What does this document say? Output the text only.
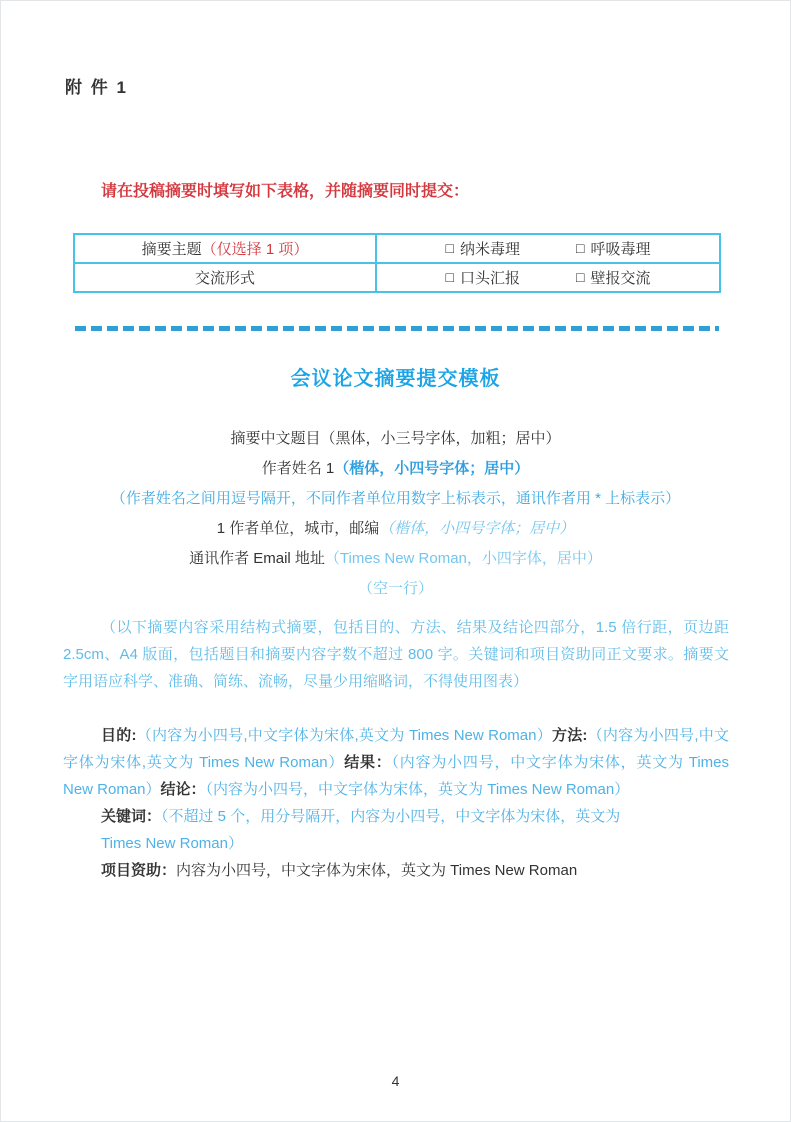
附 件 1
请在投稿摘要时填写如下表格，并随摘要同时提交：
摘要主题（仅选择 1 项）	□ 纳米毒理 □ 呼吸毒理

交流形式	□ 口头汇报 □ 壁报交流
会议论文摘要提交模板
摘要中文题目（黑体，小三号字体，加粗；居中）
作者姓名 1（楷体，小四号字体；居中）
（作者姓名之间用逗号隔开，不同作者单位用数字上标表示，通讯作者用 * 上标表示）
1 作者单位，城市，邮编（楷体，小四号字体；居中）
通讯作者 Email 地址（Times New Roman，小四字体，居中）
（空一行）

（以下摘要内容采用结构式摘要，包括目的、方法、结果及结论四部分，1.5 倍行距，页边距 2.5cm、A4 版面，包括题目和摘要内容字数不超过 800 字。关键词和项目资助同正文要求。摘要文字用语应科学、准确、简练、流畅，尽量少用缩略词，不得使用图表）

目的:（内容为小四号,中文字体为宋体,英文为 Times New Roman）方法:（内容为小四号,中文字体为宋体,英文为 Times New Roman）结果：（内容为小四号，中文字体为宋体，英文为 Times New Roman）结论：（内容为小四号，中文字体为宋体，英文为 Times New Roman）

关键词：（不超过 5 个，用分号隔开，内容为小四号，中文字体为宋体，英文为
Times New Roman）

项目资助：内容为小四号，中文字体为宋体，英文为 Times New Roman

4
